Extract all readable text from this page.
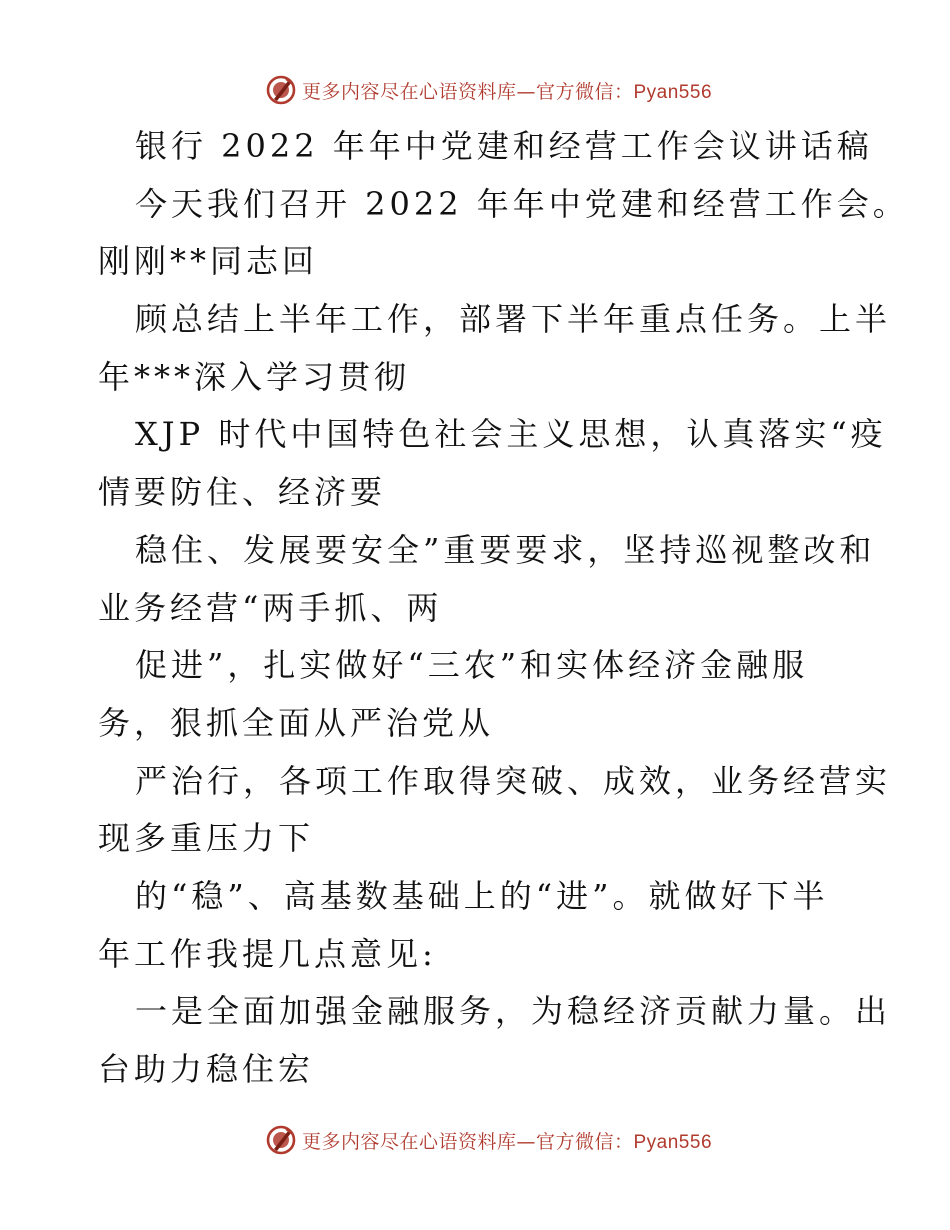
更多内容尽在心语资料库—官方微信：Pyan556
银行 2022 年年中党建和经营工作会议讲话稿
今天我们召开 2022 年年中党建和经营工作会。
刚刚**同志回
顾总结上半年工作，部署下半年重点任务。上半
年***深入学习贯彻
XJP 时代中国特色社会主义思想，认真落实“疫
情要防住、经济要
稳住、发展要安全”重要要求，坚持巡视整改和
业务经营“两手抓、两
促进”，扎实做好“三农”和实体经济金融服
务，狠抓全面从严治党从
严治行，各项工作取得突破、成效，业务经营实
现多重压力下
的“稳”、高基数基础上的“进”。就做好下半
年工作我提几点意见:
一是全面加强金融服务，为稳经济贡献力量。出
台助力稳住宏
更多内容尽在心语资料库—官方微信：Pyan556
